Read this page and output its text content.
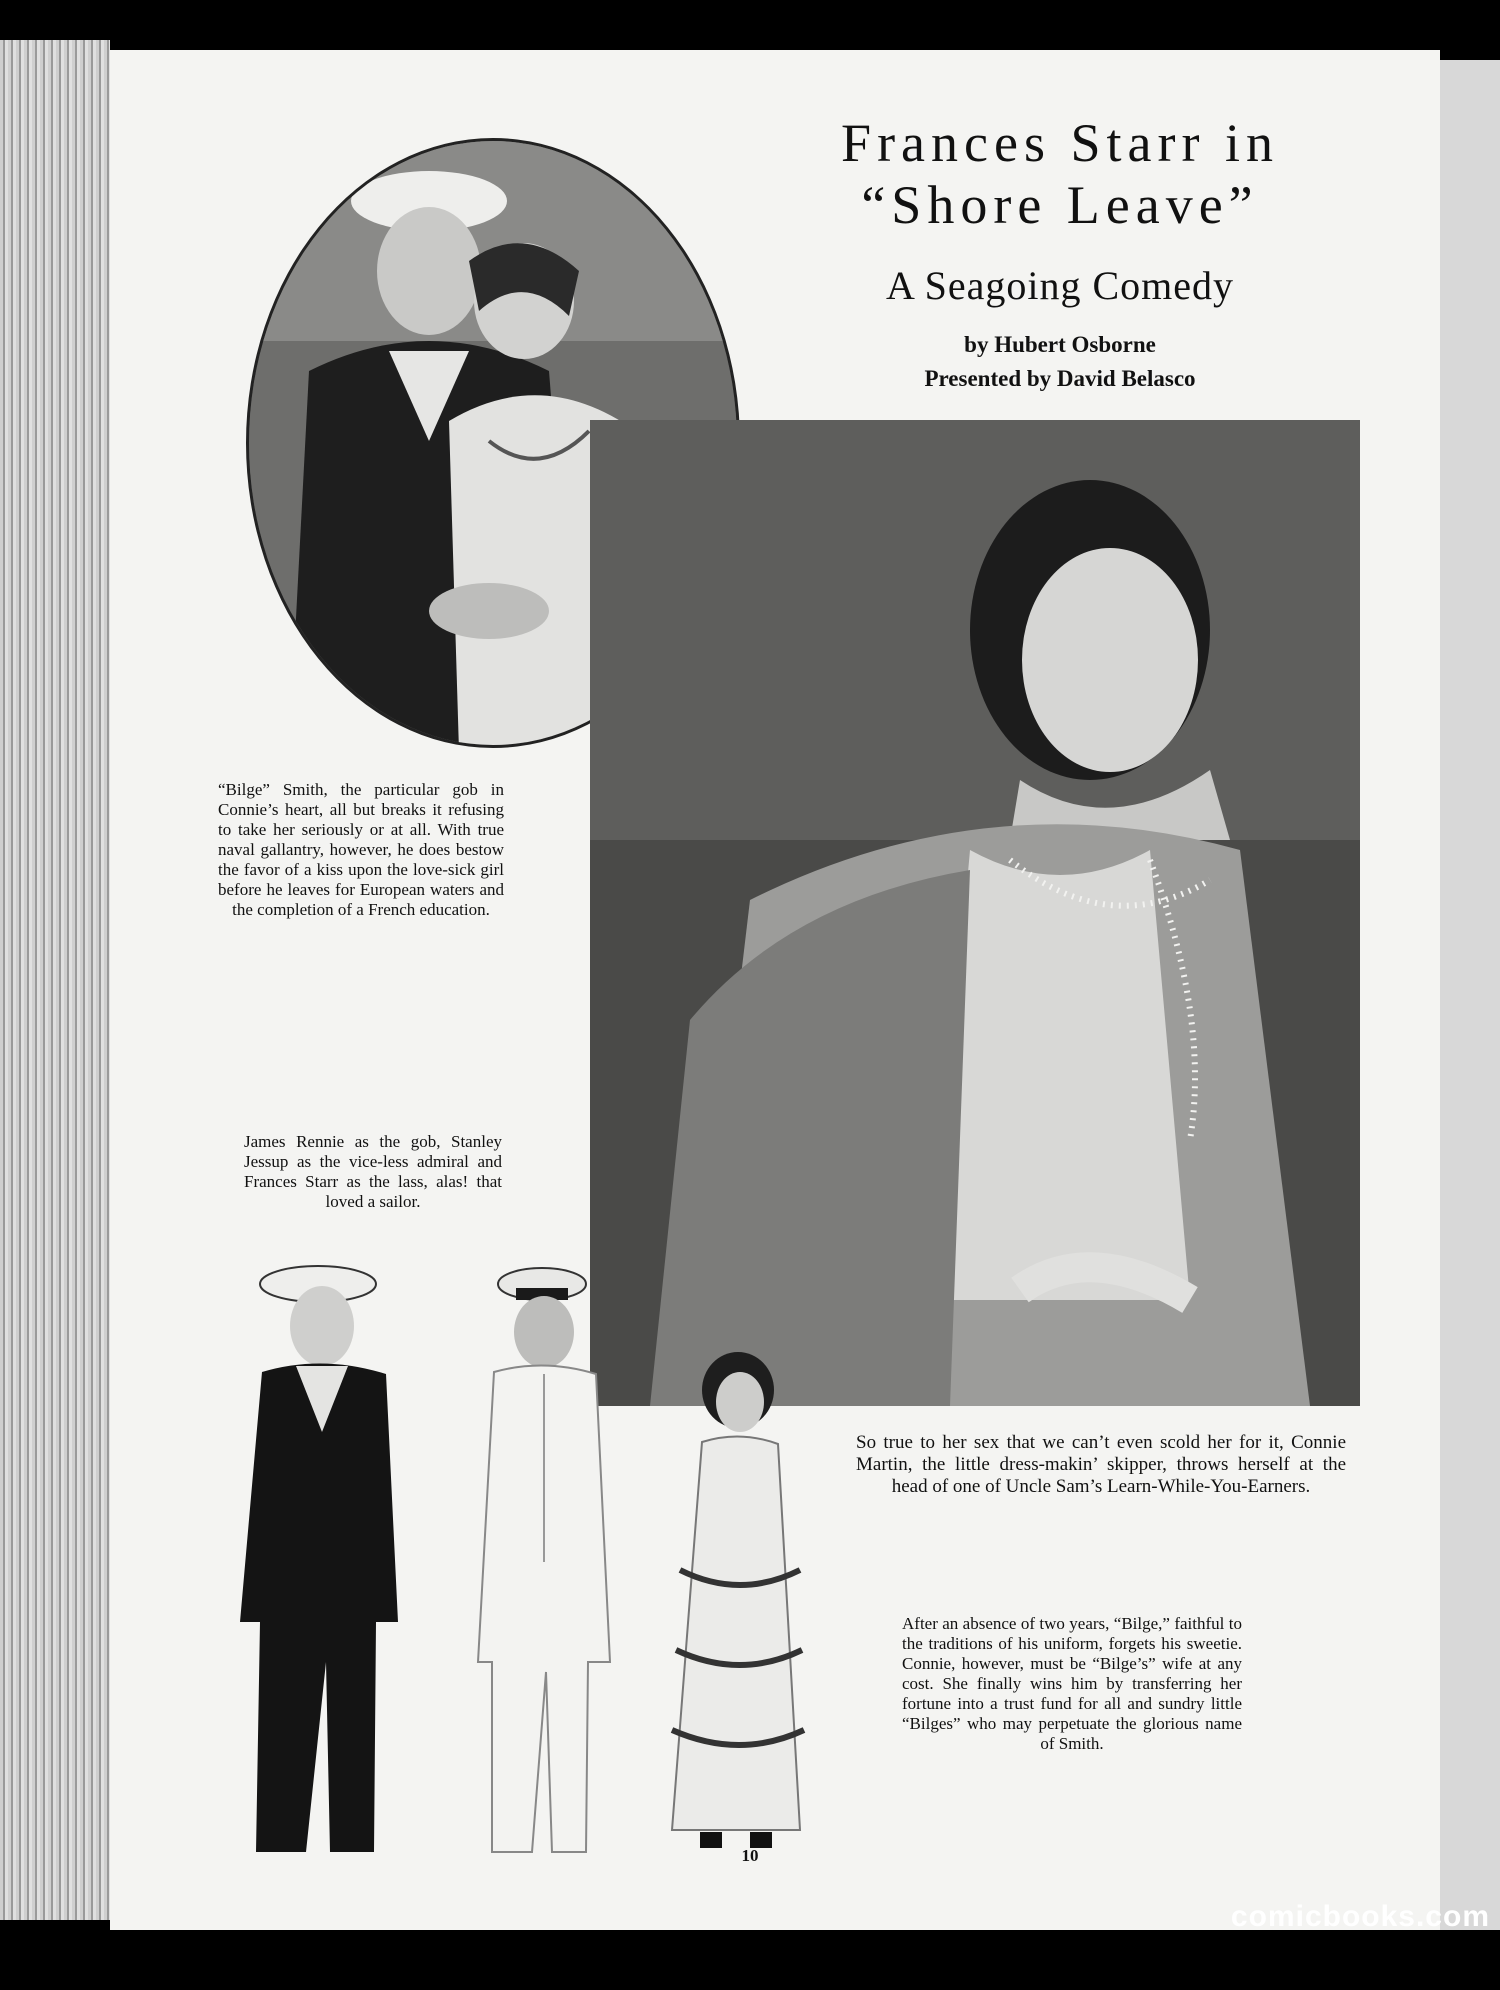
Frances Starr in
“Shore Leave”
A Seagoing Comedy
by Hubert Osborne
Presented by David Belasco
“Bilge” Smith, the particular gob in Connie’s heart, all but breaks it refusing to take her seriously or at all. With true naval gallantry, however, he does bestow the favor of a kiss upon the love-sick girl before he leaves for European waters and the completion of a French education.
James Rennie as the gob, Stanley Jessup as the vice-less admiral and Frances Starr as the lass, alas! that loved a sailor.
So true to her sex that we can’t even scold her for it, Connie Martin, the little dress-makin’ skipper, throws herself at the head of one of Uncle Sam’s Learn-While-You-Earners.
After an absence of two years, “Bilge,” faithful to the traditions of his uniform, forgets his sweetie. Connie, however, must be “Bilge’s” wife at any cost. She finally wins him by transferring her fortune into a trust fund for all and sundry little “Bilges” who may perpetuate the glorious name of Smith.
10
comicbooks.com
